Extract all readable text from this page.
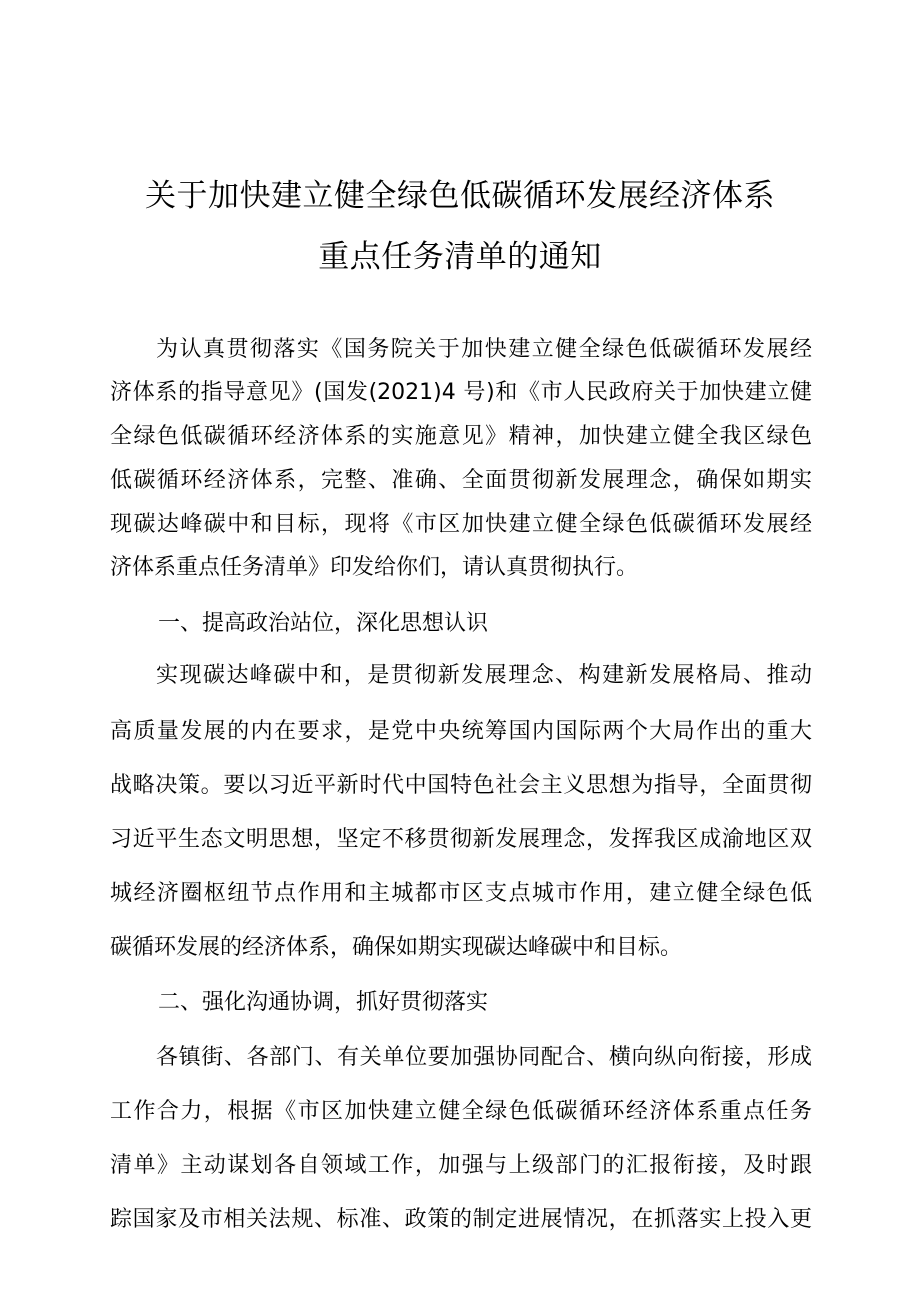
关于加快建立健全绿色低碳循环发展经济体系
重点任务清单的通知
为认真贯彻落实《国务院关于加快建立健全绿色低碳循环发展经
济体系的指导意见》(国发(2021)4 号)和《市人民政府关于加快建立健
全绿色低碳循环经济体系的实施意见》精神，加快建立健全我区绿色
低碳循环经济体系，完整、准确、全面贯彻新发展理念，确保如期实
现碳达峰碳中和目标，现将《市区加快建立健全绿色低碳循环发展经
济体系重点任务清单》印发给你们，请认真贯彻执行。
一、提高政治站位，深化思想认识
实现碳达峰碳中和，是贯彻新发展理念、构建新发展格局、推动
高质量发展的内在要求，是党中央统筹国内国际两个大局作出的重大
战略决策。要以习近平新时代中国特色社会主义思想为指导，全面贯彻
习近平生态文明思想，坚定不移贯彻新发展理念，发挥我区成渝地区双
城经济圈枢纽节点作用和主城都市区支点城市作用，建立健全绿色低
碳循环发展的经济体系，确保如期实现碳达峰碳中和目标。
二、强化沟通协调，抓好贯彻落实
各镇街、各部门、有关单位要加强协同配合、横向纵向衔接，形成
工作合力，根据《市区加快建立健全绿色低碳循环经济体系重点任务
清单》主动谋划各自领域工作，加强与上级部门的汇报衔接，及时跟
踪国家及市相关法规、标准、政策的制定进展情况，在抓落实上投入更
